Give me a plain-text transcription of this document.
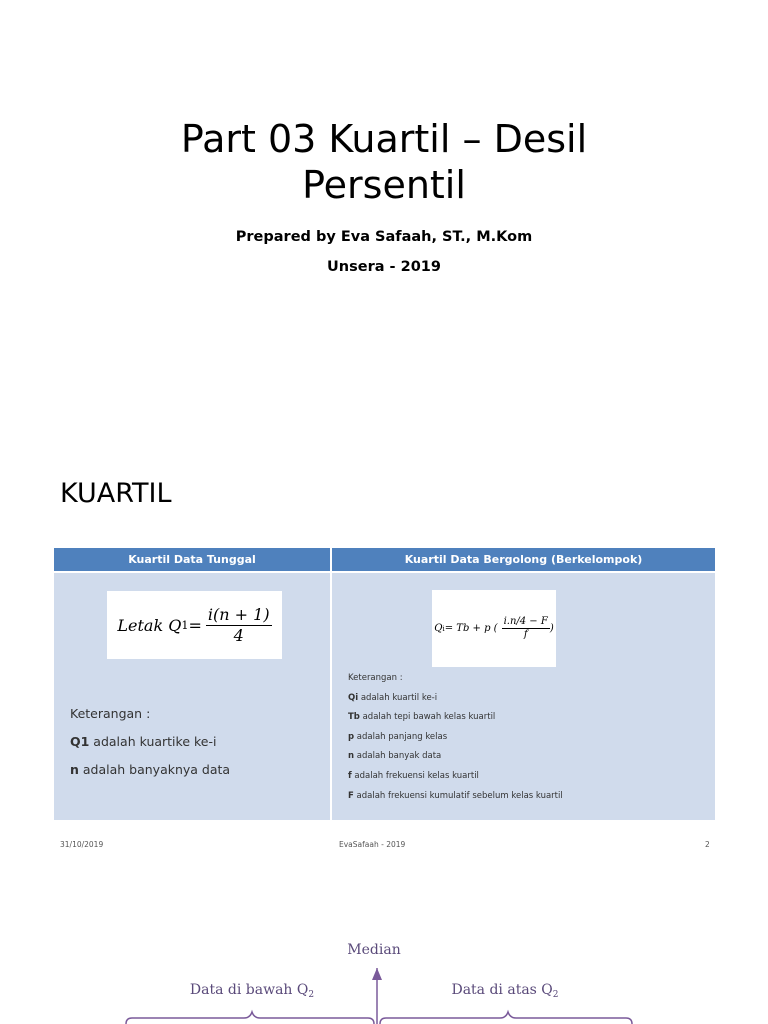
Part 03 Kuartil – Desil
Persentil
Prepared by Eva Safaah, ST., M.Kom
Unsera - 2019
KUARTIL
Kuartil Data Tunggal	Kuartil Data Bergolong (Berkelompok)
Letak Q $1 = \frac{i(n + 1)}{4}$

Keterangan :

Q1 adalah kuartike ke-i

n adalah banyaknya data

Q i = Tb + p ( $\frac{i.n/4 - F}{f}$ )

Keterangan :

Qi adalah kuartil ke-i

Tb adalah tepi bawah kelas kuartil

p adalah panjang kelas

n adalah banyak data

f adalah frekuensi kelas kuartil

F adalah frekuensi kumulatif sebelum kelas kuartil

31/10/2019	EvaSafaah - 2019	2
Median
Data di bawah $Q_2$	Data di atas $Q_2$
